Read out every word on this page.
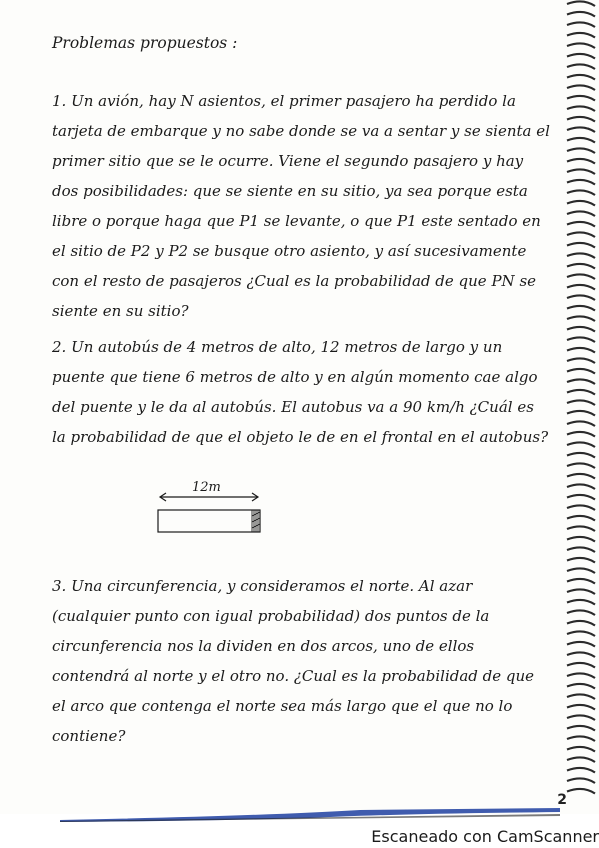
Problemas propuestos :

1. Un avión, hay N asientos, el primer pasajero ha perdido la tarjeta de embarque y no sabe donde se va a sentar y se sienta el primer sitio que se le ocurre. Viene el segundo pasajero y hay dos posibilidades: que se siente en su sitio, ya sea porque esta libre o porque haga que P1 se levante, o que P1 este sentado en el sitio de P2 y P2 se busque otro asiento, y así sucesivamente con el resto de pasajeros ¿Cual es la probabilidad de que PN se siente en su sitio?

2. Un autobús de 4 metros de alto, 12 metros de largo y un puente que tiene 6 metros de alto y en algún momento cae algo del puente y le da al autobús. El autobus va a 90 km/h ¿Cuál es la probabilidad de que el objeto le de en el frontal en el autobus?

12m

3. Una circunferencia, y consideramos el norte. Al azar (cualquier punto con igual probabilidad) dos puntos de la circunferencia nos la dividen en dos arcos, uno de ellos contendrá al norte y el otro no. ¿Cual es la probabilidad de que el arco que contenga el norte sea más largo que el que no lo contiene?

2
Escaneado con CamScanner
